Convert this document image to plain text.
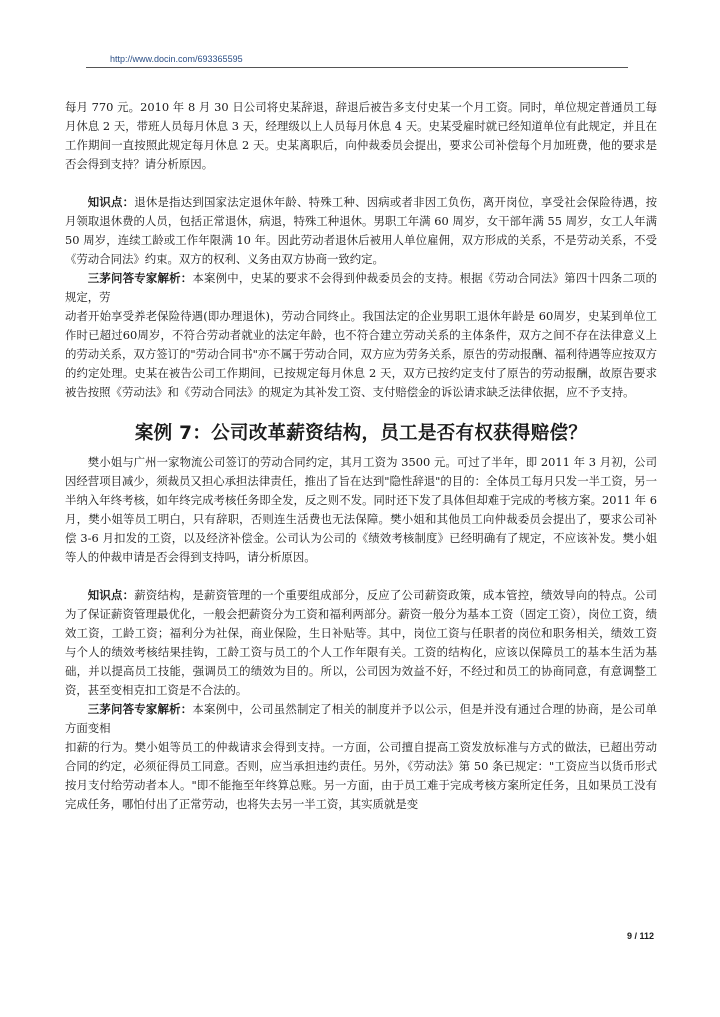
http://www.docin.com/693365595

每月 770 元。2010 年 8 月 30 日公司将史某辞退，辞退后被告多支付史某一个月工资。同时，单位规定普通员工每月休息 2 天，带班人员每月休息 3 天，经理级以上人员每月休息 4 天。史某受雇时就已经知道单位有此规定，并且在工作期间一直按照此规定每月休息 2 天。史某离职后，向仲裁委员会提出，要求公司补偿每个月加班费，他的要求是否会得到支持？请分析原因。

知识点：退休是指达到国家法定退休年龄、特殊工种、因病或者非因工负伤，离开岗位，享受社会保险待遇，按月领取退休费的人员，包括正常退休，病退，特殊工种退休。男职工年满 60 周岁，女干部年满 55 周岁，女工人年满 50 周岁，连续工龄或工作年限满 10 年。因此劳动者退休后被用人单位雇佣，双方形成的关系，不是劳动关系，不受《劳动合同法》约束。双方的权利、义务由双方协商一致约定。

三茅问答专家解析：本案例中，史某的要求不会得到仲裁委员会的支持。根据《劳动合同法》第四十四条二项的规定，劳

动者开始享受养老保险待遇(即办理退休)，劳动合同终止。我国法定的企业男职工退休年龄是 60周岁，史某到单位工作时已超过60周岁，不符合劳动者就业的法定年龄，也不符合建立劳动关系的主体条件，双方之间不存在法律意义上的劳动关系，双方签订的"劳动合同书"亦不属于劳动合同，双方应为劳务关系，原告的劳动报酬、福利待遇等应按双方的约定处理。史某在被告公司工作期间，已按规定每月休息 2 天，双方已按约定支付了原告的劳动报酬，故原告要求被告按照《劳动法》和《劳动合同法》的规定为其补发工资、支付赔偿金的诉讼请求缺乏法律依据，应不予支持。

案例 7：公司改革薪资结构，员工是否有权获得赔偿？

樊小姐与广州一家物流公司签订的劳动合同约定，其月工资为 3500 元。可过了半年，即 2011 年 3 月初，公司因经营项目减少，须裁员又担心承担法律责任，推出了旨在达到"隐性辞退"的目的：全体员工每月只发一半工资，另一半纳入年终考核，如年终完成考核任务即全发，反之则不发。同时还下发了具体但却难于完成的考核方案。2011 年 6 月，樊小姐等员工明白，只有辞职，否则连生活费也无法保障。樊小姐和其他员工向仲裁委员会提出了，要求公司补偿 3-6 月扣发的工资，以及经济补偿金。公司认为公司的《绩效考核制度》已经明确有了规定，不应该补发。樊小姐等人的仲裁申请是否会得到支持吗，请分析原因。

知识点：薪资结构，是薪资管理的一个重要组成部分，反应了公司薪资政策，成本管控，绩效导向的特点。公司为了保证薪资管理最优化，一般会把薪资分为工资和福利两部分。薪资一般分为基本工资（固定工资），岗位工资，绩效工资，工龄工资；福利分为社保，商业保险，生日补贴等。其中，岗位工资与任职者的岗位和职务相关，绩效工资与个人的绩效考核结果挂钩，工龄工资与员工的个人工作年限有关。工资的结构化，应该以保障员工的基本生活为基础，并以提高员工技能，强调员工的绩效为目的。所以，公司因为效益不好，不经过和员工的协商同意，有意调整工资，甚至变相克扣工资是不合法的。

三茅问答专家解析：本案例中，公司虽然制定了相关的制度并予以公示，但是并没有通过合理的协商，是公司单方面变相

扣薪的行为。樊小姐等员工的仲裁请求会得到支持。一方面，公司擅自提高工资发放标准与方式的做法，已超出劳动合同的约定，必须征得员工同意。否则，应当承担违约责任。另外，《劳动法》第 50 条已规定："工资应当以货币形式按月支付给劳动者本人。"即不能拖至年终算总账。另一方面，由于员工难于完成考核方案所定任务，且如果员工没有完成任务，哪怕付出了正常劳动，也将失去另一半工资，其实质就是变

9 / 112
